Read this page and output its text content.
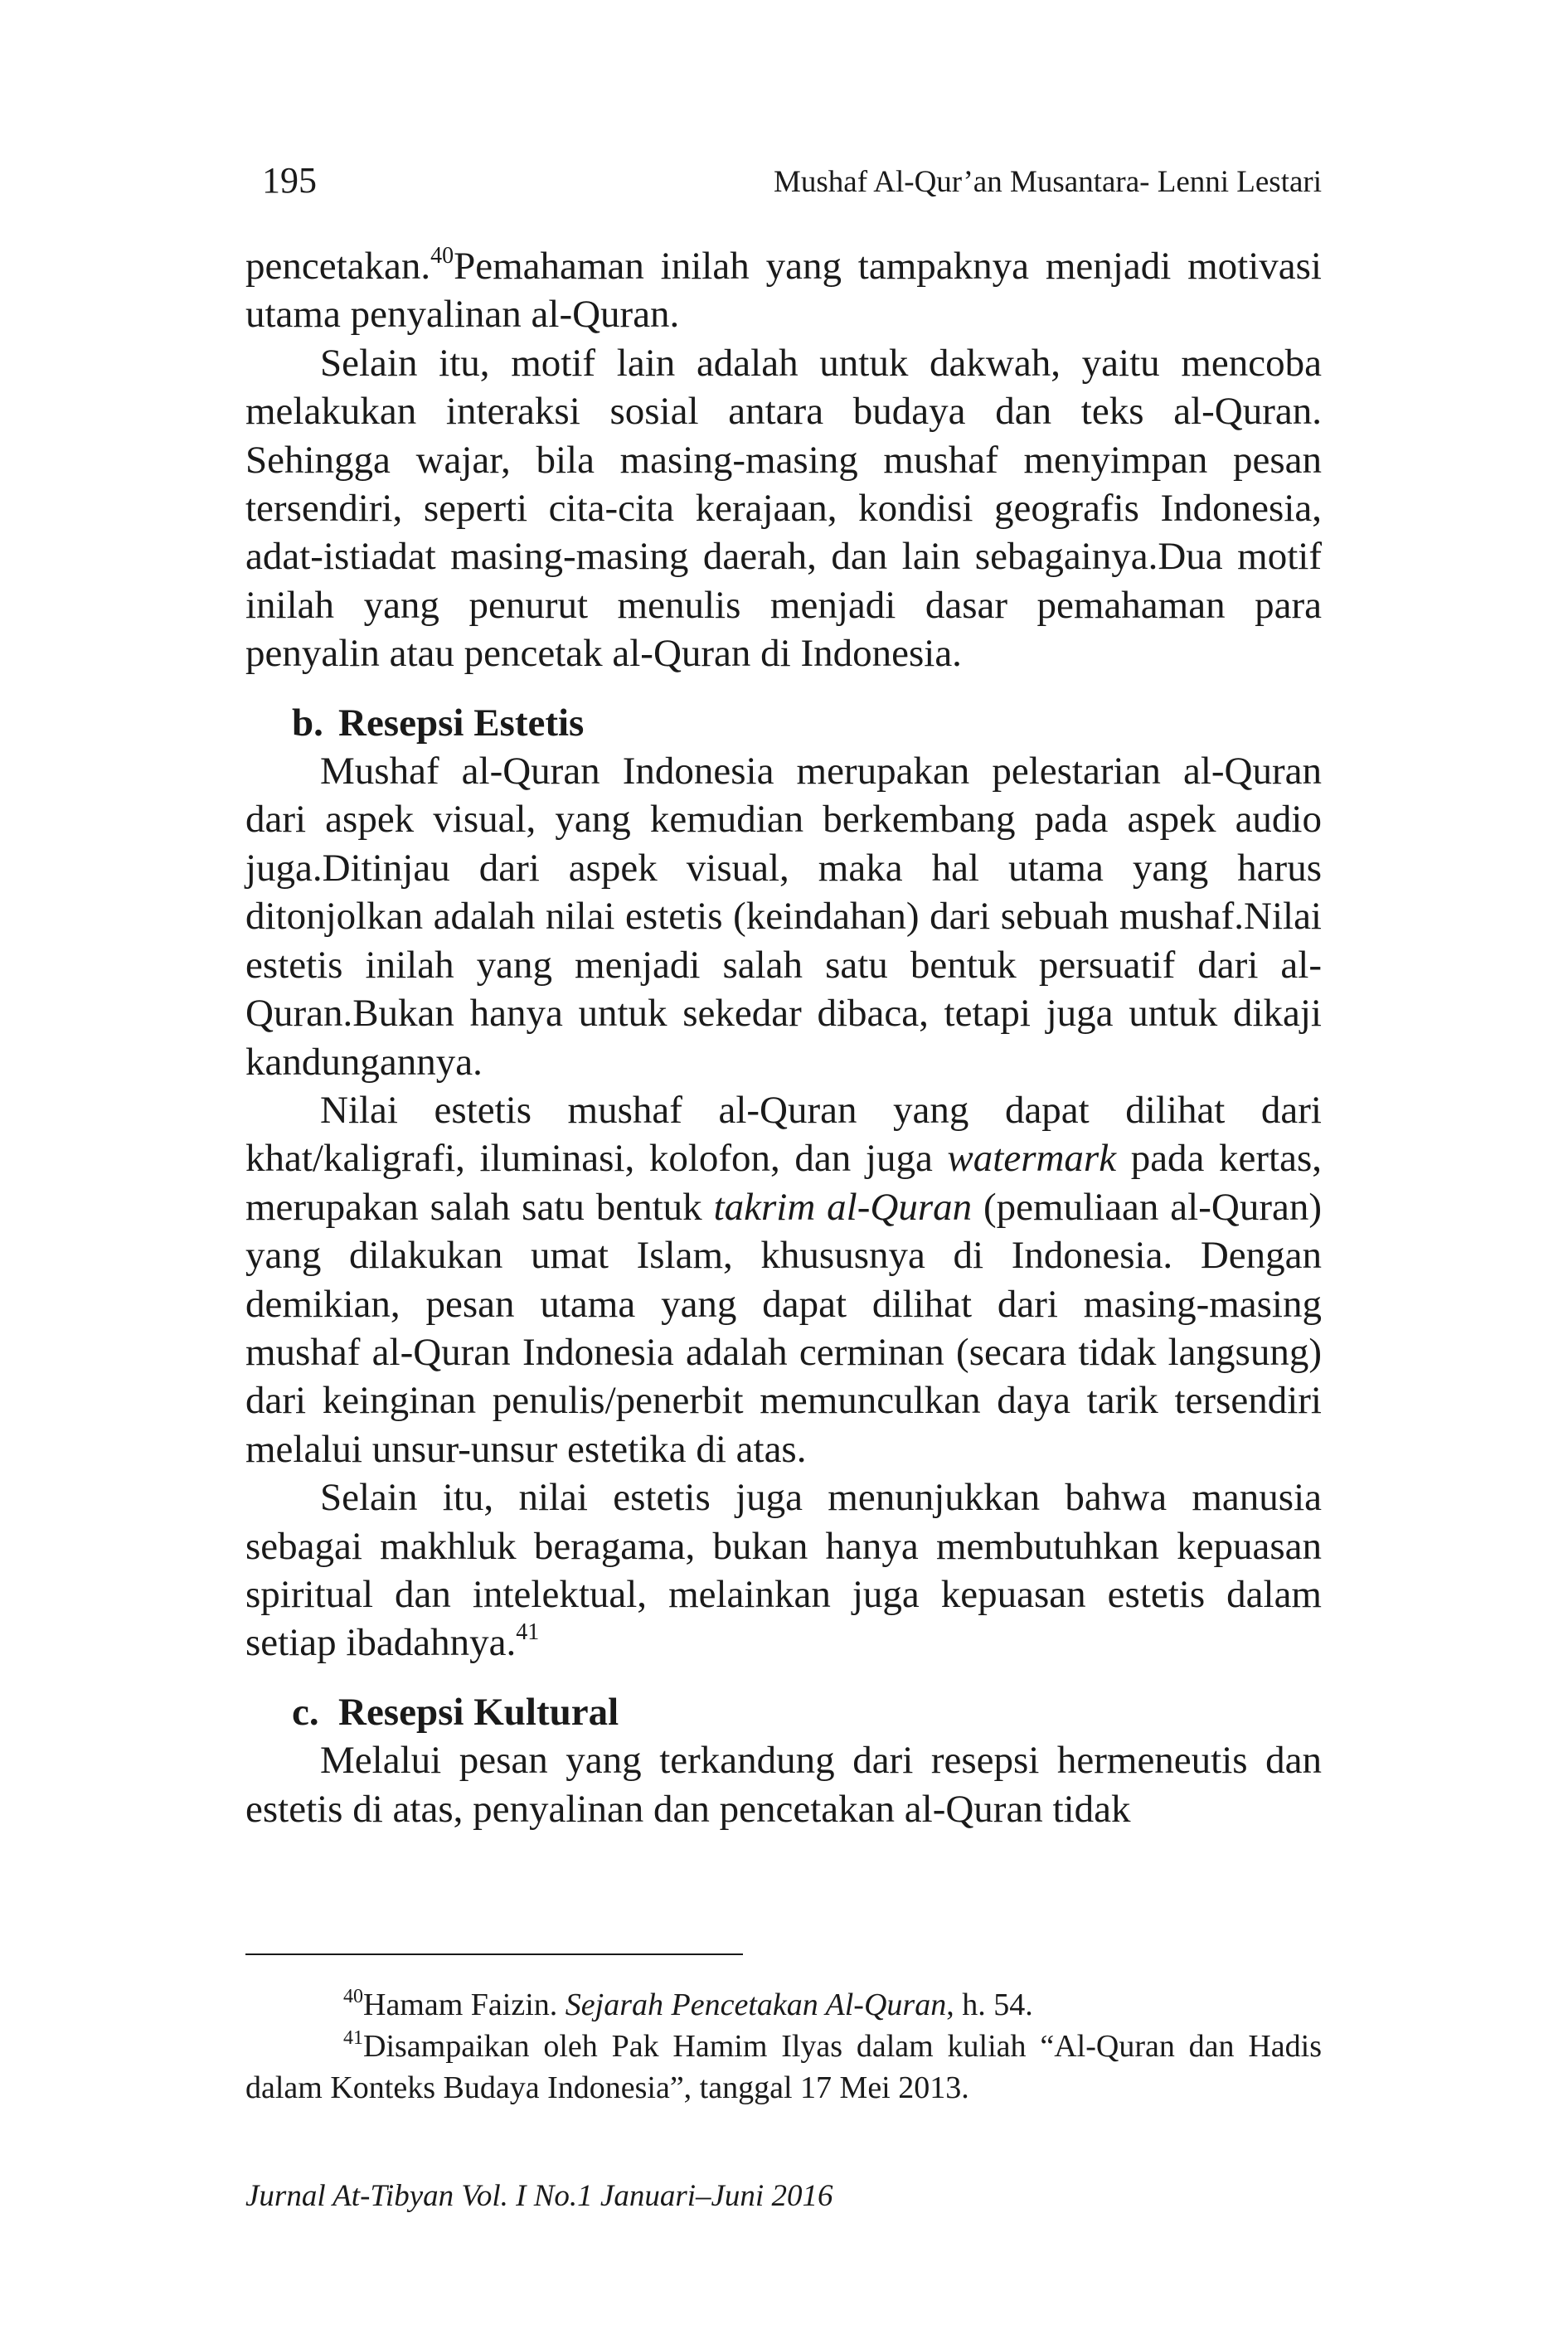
195	Mushaf Al-Qur’an Musantara- Lenni Lestari

pencetakan.$^{40}$Pemahaman inilah yang tampaknya menjadi motivasi utama penyalinan al-Quran.

Selain itu, motif lain adalah untuk dakwah, yaitu mencoba melakukan interaksi sosial antara budaya dan teks al-Quran. Sehingga wajar, bila masing-masing mushaf menyimpan pesan tersendiri, seperti cita-cita kerajaan, kondisi geografis Indonesia, adat-istiadat masing-masing daerah, dan lain sebagainya.Dua motif inilah yang penurut menulis menjadi dasar pemahaman para penyalin atau pencetak al-Quran di Indonesia.

b. Resepsi Estetis

Mushaf al-Quran Indonesia merupakan pelestarian al-Quran dari aspek visual, yang kemudian berkembang pada aspek audio juga.Ditinjau dari aspek visual, maka hal utama yang harus ditonjolkan adalah nilai estetis (keindahan) dari sebuah mushaf.Nilai estetis inilah yang menjadi salah satu bentuk persuatif dari al-Quran.Bukan hanya untuk sekedar dibaca, tetapi juga untuk dikaji kandungannya.

Nilai estetis mushaf al-Quran yang dapat dilihat dari khat/kaligrafi, iluminasi, kolofon, dan juga watermark pada kertas, merupakan salah satu bentuk takrim al-Quran (pemuliaan al-Quran) yang dilakukan umat Islam, khususnya di Indonesia. Dengan demikian, pesan utama yang dapat dilihat dari masing-masing mushaf al-Quran Indonesia adalah cerminan (secara tidak langsung) dari keinginan penulis/penerbit memunculkan daya tarik tersendiri melalui unsur-unsur estetika di atas.

Selain itu, nilai estetis juga menunjukkan bahwa manusia sebagai makhluk beragama, bukan hanya membutuhkan kepuasan spiritual dan intelektual, melainkan juga kepuasan estetis dalam setiap ibadahnya.$^{41}$

c. Resepsi Kultural

Melalui pesan yang terkandung dari resepsi hermeneutis dan estetis di atas, penyalinan dan pencetakan al-Quran tidak

$^{40}$Hamam Faizin. Sejarah Pencetakan Al-Quran, h. 54.

$^{41}$Disampaikan oleh Pak Hamim Ilyas dalam kuliah “Al-Quran dan Hadis dalam Konteks Budaya Indonesia”, tanggal 17 Mei 2013.

Jurnal At-Tibyan Vol. I No.1 Januari–Juni 2016
